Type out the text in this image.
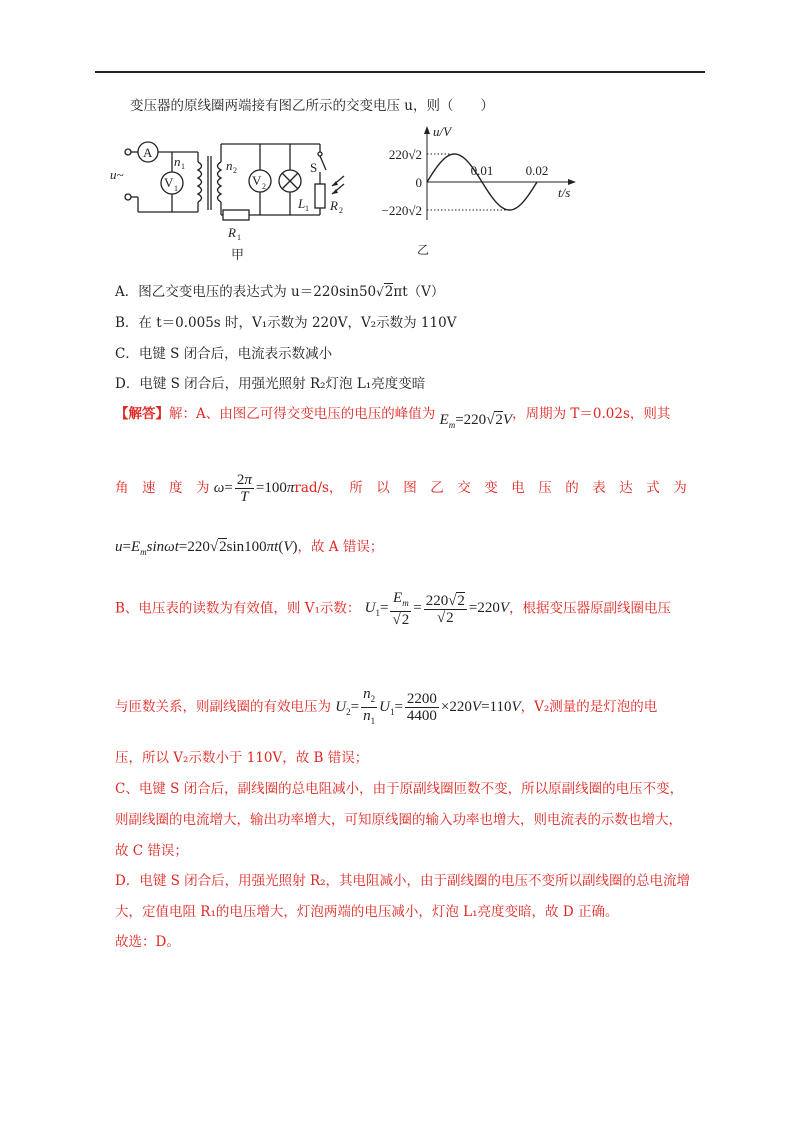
变压器的原线圈两端接有图乙所示的交变电压 u，则（　　）
A
V 1
V 2
n 1	n 2
u~	S
L 1 R 2
R 1
甲
220√2
0
−220√2
0.01 0.02
u/V
t/s
乙
A．图乙交变电压的表达式为 u＝220sin50√2πt（V）
B．在 t＝0.005s 时，V₁示数为 220V，V₂示数为 110V
C．电键 S 闭合后，电流表示数减小
D．电键 S 闭合后，用强光照射 R₂灯泡 L₁亮度变暗
【解答】解：A、由图乙可得交变电压的电压的峰值为 $E_m=220√2V$，周期为 T＝0.02s，则其
角　速　度　为 $\omega= \frac{2\pi}{T} =100\pi rad/s$，　所　以　图　乙　交　变　电　压　的　表　达　式　为
$u=E_m\sin\omega t=220√2\sin 100\pi t(V)$，故 A 错误；
B、电压表的读数为有效值，则 V₁示数： $U_1= \frac{E_m}{√2} = \frac{220√2}{√2} =220V$，根据变压器原副线圈电压
与匝数关系，则副线圈的有效电压为 $U_2= \frac{n_2}{n_1} U_1= \frac{2200}{4400} \times 220V=110V$，V₂测量的是灯泡的电
压，所以 V₂示数小于 110V，故 B 错误；
C、电键 S 闭合后，副线圈的总电阻减小，由于原副线圈匝数不变，所以原副线圈的电压不变，
则副线圈的电流增大，输出功率增大，可知原线圈的输入功率也增大，则电流表的示数也增大，
故 C 错误；
D．电键 S 闭合后，用强光照射 R₂，其电阻减小，由于副线圈的电压不变所以副线圈的总电流增
大，定值电阻 R₁的电压增大，灯泡两端的电压减小，灯泡 L₁亮度变暗，故 D 正确。
故选：D。
